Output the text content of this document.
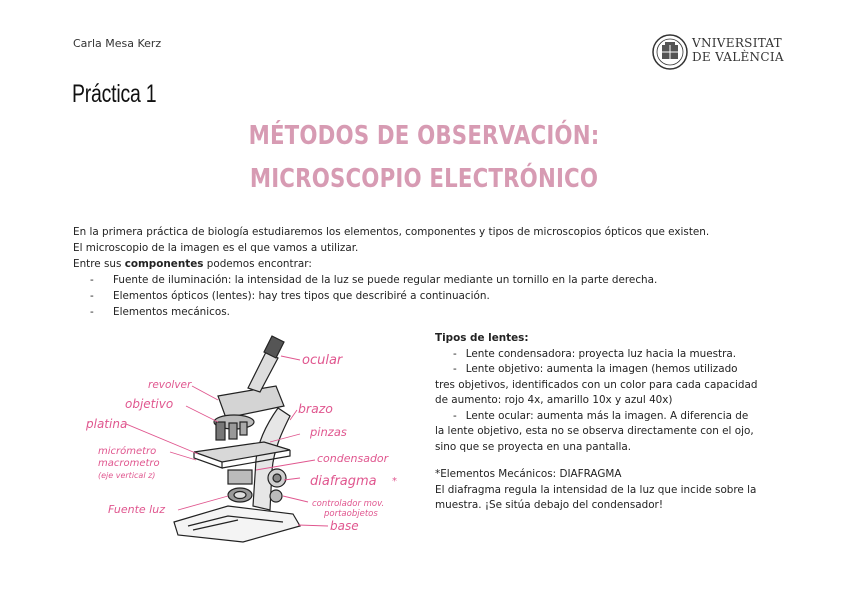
Carla Mesa Kerz	VNIVERSITAT
DE VALÈNCIA
Práctica 1
MÉTODOS DE OBSERVACIÓN:
MICROSCOPIO ELECTRÓNICO

En la primera práctica de biología estudiaremos los elementos, componentes y tipos de microscopios ópticos que existen.

El microscopio de la imagen es el que vamos a utilizar.

Entre sus componentes podemos encontrar:

- Fuente de iluminación: la intensidad de la luz se puede regular mediante un tornillo en la parte derecha.
- Elementos ópticos (lentes): hay tres tipos que describiré a continuación.
- Elementos mecánicos.
ocular
revolver
objetivo	brazo
platina
pinzas
micrómetro
macrometro
(eje vertical z)
condensador
diafragma *
controlador mov.
portaobjetos
Fuente luz
base

Tipos de lentes:

- Lente condensadora: proyecta luz hacia la muestra.

- Lente objetivo: aumenta la imagen (hemos utilizado

tres objetivos, identificados con un color para cada capacidad

de aumento: rojo 4x, amarillo 10x y azul 40x)

- Lente ocular: aumenta más la imagen. A diferencia de

la lente objetivo, esta no se observa directamente con el ojo,

sino que se proyecta en una pantalla.

*Elementos Mecánicos: DIAFRAGMA

El diafragma regula la intensidad de la luz que incide sobre la

muestra. ¡Se sitúa debajo del condensador!
